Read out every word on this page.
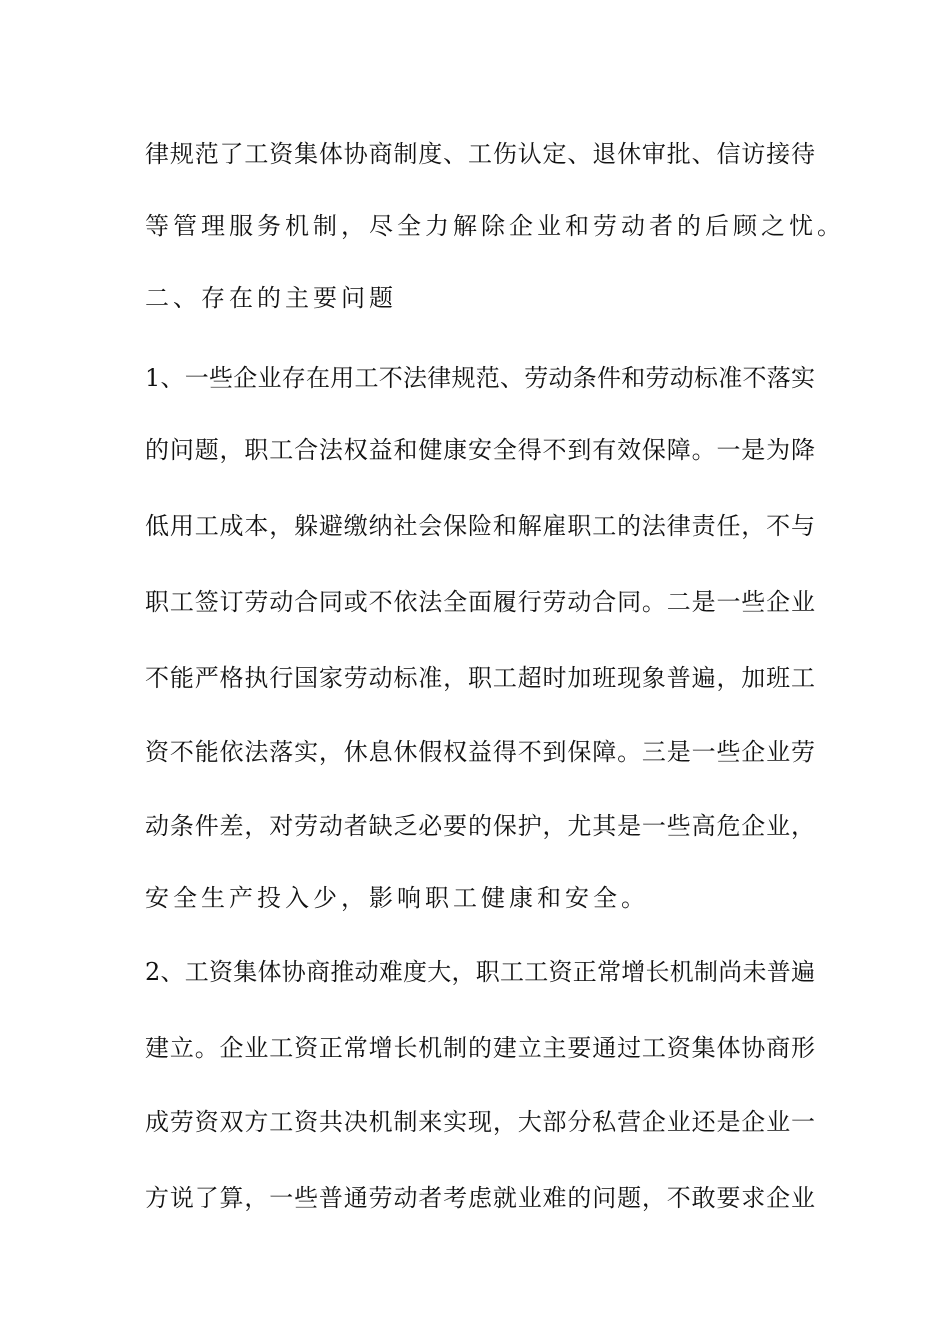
律规范了工资集体协商制度、工伤认定、退休审批、信访接待
等管理服务机制，尽全力解除企业和劳动者的后顾之忧。
二、存在的主要问题
1、一些企业存在用工不法律规范、劳动条件和劳动标准不落实
的问题，职工合法权益和健康安全得不到有效保障。一是为降
低用工成本，躲避缴纳社会保险和解雇职工的法律责任，不与
职工签订劳动合同或不依法全面履行劳动合同。二是一些企业
不能严格执行国家劳动标准，职工超时加班现象普遍，加班工
资不能依法落实，休息休假权益得不到保障。三是一些企业劳
动条件差，对劳动者缺乏必要的保护，尤其是一些高危企业，
安全生产投入少，影响职工健康和安全。
2、工资集体协商推动难度大，职工工资正常增长机制尚未普遍
建立。企业工资正常增长机制的建立主要通过工资集体协商形
成劳资双方工资共决机制来实现，大部分私营企业还是企业一
方说了算，一些普通劳动者考虑就业难的问题，不敢要求企业
